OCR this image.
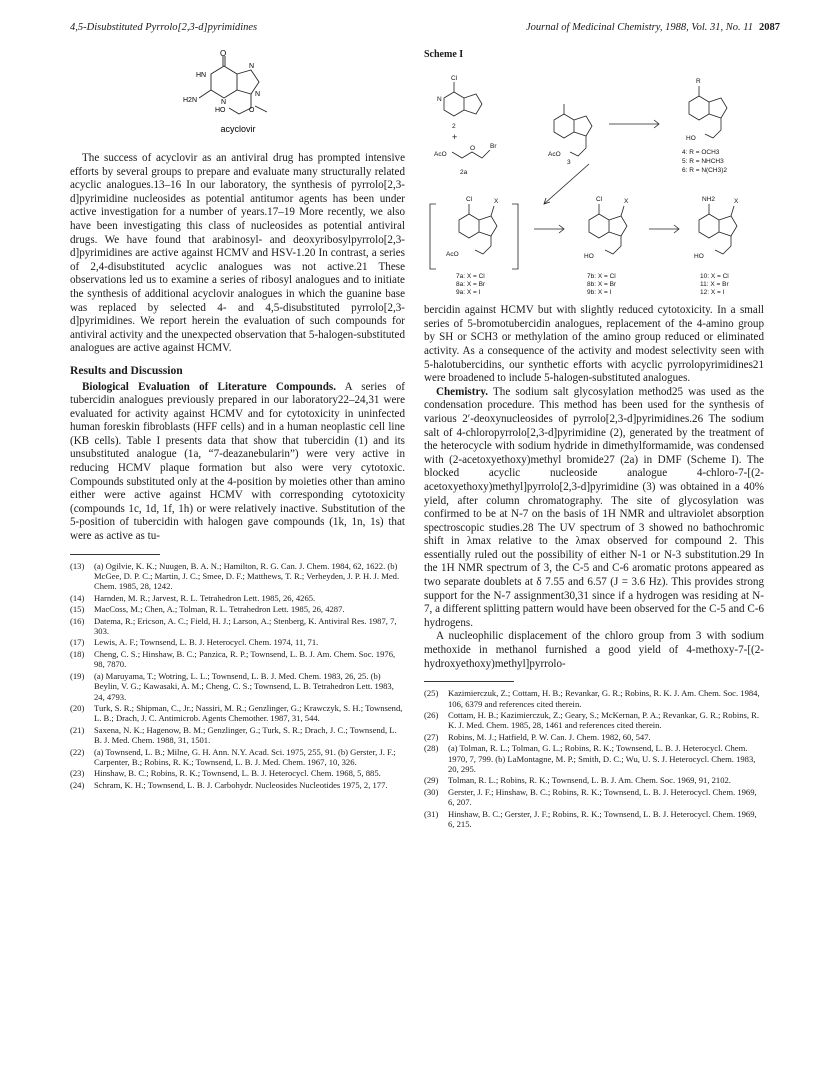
4,5-Disubstituted Pyrrolo[2,3-d]pyrimidines	Journal of Medicinal Chemistry, 1988, Vol. 31, No. 11 2087
O
HN
N
N
N
H2N
HO	O
acyclovir

The success of acyclovir as an antiviral drug has prompted intensive efforts by several groups to prepare and evaluate many structurally related acyclic analogues.13–16 In our laboratory, the synthesis of pyrrolo[2,3-d]pyrimidine nucleosides as potential antitumor agents has been under active investigation for a number of years.17–19 More recently, we also have been investigating this class of nucleosides as potential antiviral drugs. We have found that arabinosyl- and deoxyribosylpyrrolo[2,3-d]pyrimidines are active against HCMV and HSV-1.20 In contrast, a series of 2,4-disubstituted acyclic analogues was not active.21 These observations led us to examine a series of ribosyl analogues and to initiate the synthesis of additional acyclovir analogues in which the guanine base was replaced by selected 4- and 4,5-disubstituted pyrrolo[2,3-d]pyrimidines. We report herein the evaluation of such compounds for antiviral activity and the unexpected observation that 5-halogen-substituted analogues are active against HCMV.

Results and Discussion

Biological Evaluation of Literature Compounds. A series of tubercidin analogues previously prepared in our laboratory22–24,31 were evaluated for activity against HCMV and for cytotoxicity in uninfected human foreskin fibroblasts (HFF cells) and in a human neoplastic cell line (KB cells). Table I presents data that show that tubercidin (1) and its unsubstituted analogue (1a, “7-deazanebularin”) were very active in reducing HCMV plaque formation but also were very cytotoxic. Compounds substituted only at the 4-position by moieties other than amino either were active against HCMV with corresponding cytotoxicity (compounds 1c, 1d, 1f, 1h) or were relatively inactive. Substitution of the 5-position of tubercidin with halogen gave compounds (1k, 1n, 1s) that were as active as tu-

(13)	(a) Ogilvie, K. K.; Nuugen, B. A. N.; Hamilton, R. G. Can. J. Chem. 1984, 62, 1622. (b) McGee, D. P. C.; Martin, J. C.; Smee, D. F.; Matthews, T. R.; Verheyden, J. P. H. J. Med. Chem. 1985, 28, 1242.
(14)	Harnden, M. R.; Jarvest, R. L. Tetrahedron Lett. 1985, 26, 4265.
(15)	MacCoss, M.; Chen, A.; Tolman, R. L. Tetrahedron Lett. 1985, 26, 4287.
(16)	Datema, R.; Ericson, A. C.; Field, H. J.; Larson, A.; Stenberg, K. Antiviral Res. 1987, 7, 303.
(17)	Lewis, A. F.; Townsend, L. B. J. Heterocycl. Chem. 1974, 11, 71.
(18)	Cheng, C. S.; Hinshaw, B. C.; Panzica, R. P.; Townsend, L. B. J. Am. Chem. Soc. 1976, 98, 7870.
(19)	(a) Maruyama, T.; Wotring, L. L.; Townsend, L. B. J. Med. Chem. 1983, 26, 25. (b) Beylin, V. G.; Kawasaki, A. M.; Cheng, C. S.; Townsend, L. B. Tetrahedron Lett. 1983, 24, 4793.
(20)	Turk, S. R.; Shipman, C., Jr.; Nassiri, M. R.; Genzlinger, G.; Krawczyk, S. H.; Townsend, L. B.; Drach, J. C. Antimicrob. Agents Chemother. 1987, 31, 544.
(21)	Saxena, N. K.; Hagenow, B. M.; Genzlinger, G.; Turk, S. R.; Drach, J. C.; Townsend, L. B. J. Med. Chem. 1988, 31, 1501.
(22)	(a) Townsend, L. B.; Milne, G. H. Ann. N.Y. Acad. Sci. 1975, 255, 91. (b) Gerster, J. F.; Carpenter, B.; Robins, R. K.; Townsend, L. B. J. Med. Chem. 1967, 10, 326.
(23)	Hinshaw, B. C.; Robins, R. K.; Townsend, L. B. J. Heterocycl. Chem. 1968, 5, 885.
(24)	Schram, K. H.; Townsend, L. B. J. Carbohydr. Nucleosides Nucleotides 1975, 2, 177.
Scheme I
Cl
N
2
+
AcO
O Br
2a
AcO
3
R
HO
4: R = OCH3
5: R = NHCH3
6: R = N(CH3)2
Cl	X
AcO
7a: X = Cl
8a: X = Br
9a: X = I
Cl	X
HO
7b: X = Cl
8b: X = Br
9b: X = I
NH2	X
HO
10: X = Cl
11: X = Br
12: X = I

bercidin against HCMV but with slightly reduced cytotoxicity. In a small series of 5-bromotubercidin analogues, replacement of the 4-amino group by SH or SCH3 or methylation of the amino group reduced or eliminated activity. As a consequence of the activity and modest selectivity seen with 5-halotubercidins, our synthetic efforts with acyclic pyrrolopyrimidines21 were broadened to include 5-halogen-substituted analogues.

Chemistry. The sodium salt glycosylation method25 was used as the condensation procedure. This method has been used for the synthesis of various 2′-deoxynucleosides of pyrrolo[2,3-d]pyrimidines.26 The sodium salt of 4-chloropyrrolo[2,3-d]pyrimidine (2), generated by the treatment of the heterocycle with sodium hydride in dimethylformamide, was condensed with (2-acetoxyethoxy)methyl bromide27 (2a) in DMF (Scheme I). The blocked acyclic nucleoside analogue 4-chloro-7-[(2-acetoxyethoxy)methyl]pyrrolo[2,3-d]pyrimidine (3) was obtained in a 40% yield, after column chromatography. The site of glycosylation was confirmed to be at N-7 on the basis of 1H NMR and ultraviolet absorption spectroscopic studies.28 The UV spectrum of 3 showed no bathochromic shift in λmax relative to the λmax observed for compound 2. This essentially ruled out the possibility of either N-1 or N-3 substitution.29 In the 1H NMR spectrum of 3, the C-5 and C-6 aromatic protons appeared as two separate doublets at δ 7.55 and 6.57 (J = 3.6 Hz). This provides strong support for the N-7 assignment30,31 since if a hydrogen was residing at N-7, a different splitting pattern would have been observed for the C-5 and C-6 hydrogens.

A nucleophilic displacement of the chloro group from 3 with sodium methoxide in methanol furnished a good yield of 4-methoxy-7-[(2-hydroxyethoxy)methyl]pyrrolo-

(25)	Kazimierczuk, Z.; Cottam, H. B.; Revankar, G. R.; Robins, R. K. J. Am. Chem. Soc. 1984, 106, 6379 and references cited therein.
(26)	Cottam, H. B.; Kazimierczuk, Z.; Geary, S.; McKernan, P. A.; Revankar, G. R.; Robins, R. K. J. Med. Chem. 1985, 28, 1461 and references cited therein.
(27)	Robins, M. J.; Hatfield, P. W. Can. J. Chem. 1982, 60, 547.
(28)	(a) Tolman, R. L.; Tolman, G. L.; Robins, R. K.; Townsend, L. B. J. Heterocycl. Chem. 1970, 7, 799. (b) LaMontagne, M. P.; Smith, D. C.; Wu, U. S. J. Heterocycl. Chem. 1983, 20, 295.
(29)	Tolman, R. L.; Robins, R. K.; Townsend, L. B. J. Am. Chem. Soc. 1969, 91, 2102.
(30)	Gerster, J. F.; Hinshaw, B. C.; Robins, R. K.; Townsend, L. B. J. Heterocycl. Chem. 1969, 6, 207.
(31)	Hinshaw, B. C.; Gerster, J. F.; Robins, R. K.; Townsend, L. B. J. Heterocycl. Chem. 1969, 6, 215.
